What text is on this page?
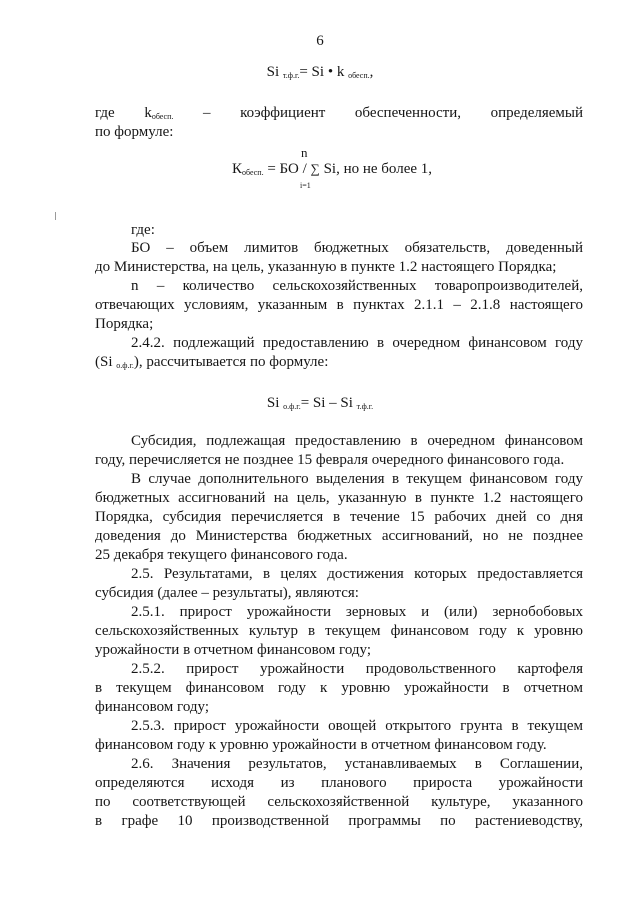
6
Si $_{т.ф.г.}$= Si • k $_{обесп.}$,
где $k_{обесп.}$ – коэффициент обеспеченности, определяемый
по формуле:
n
$К_{обесп.}$ = БО / ∑ Si, но не более 1,
i=1
где:
БО – объем лимитов бюджетных обязательств, доведенный
до Министерства, на цель, указанную в пункте 1.2 настоящего Порядка;
n – количество сельскохозяйственных товаропроизводителей,
отвечающих условиям, указанным в пунктах 2.1.1 – 2.1.8 настоящего
Порядка;
2.4.2. подлежащий предоставлению в очередном финансовом году
(Si $_{о.ф.г.}$), рассчитывается по формуле:
Si $_{о.ф.г.}$= Si – Si $_{т.ф.г.}$
Субсидия, подлежащая предоставлению в очередном финансовом
году, перечисляется не позднее 15 февраля очередного финансового года.
В случае дополнительного выделения в текущем финансовом году
бюджетных ассигнований на цель, указанную в пункте 1.2 настоящего
Порядка, субсидия перечисляется в течение 15 рабочих дней со дня
доведения до Министерства бюджетных ассигнований, но не позднее
25 декабря текущего финансового года.
2.5. Результатами, в целях достижения которых предоставляется
субсидия (далее – результаты), являются:
2.5.1. прирост урожайности зерновых и (или) зернобобовых
сельскохозяйственных культур в текущем финансовом году к уровню
урожайности в отчетном финансовом году;
2.5.2. прирост урожайности продовольственного картофеля
в текущем финансовом году к уровню урожайности в отчетном
финансовом году;
2.5.3. прирост урожайности овощей открытого грунта в текущем
финансовом году к уровню урожайности в отчетном финансовом году.
2.6. Значения результатов, устанавливаемых в Соглашении,
определяются исходя из планового прироста урожайности
по соответствующей сельскохозяйственной культуре, указанного
в графе 10 производственной программы по растениеводству,
